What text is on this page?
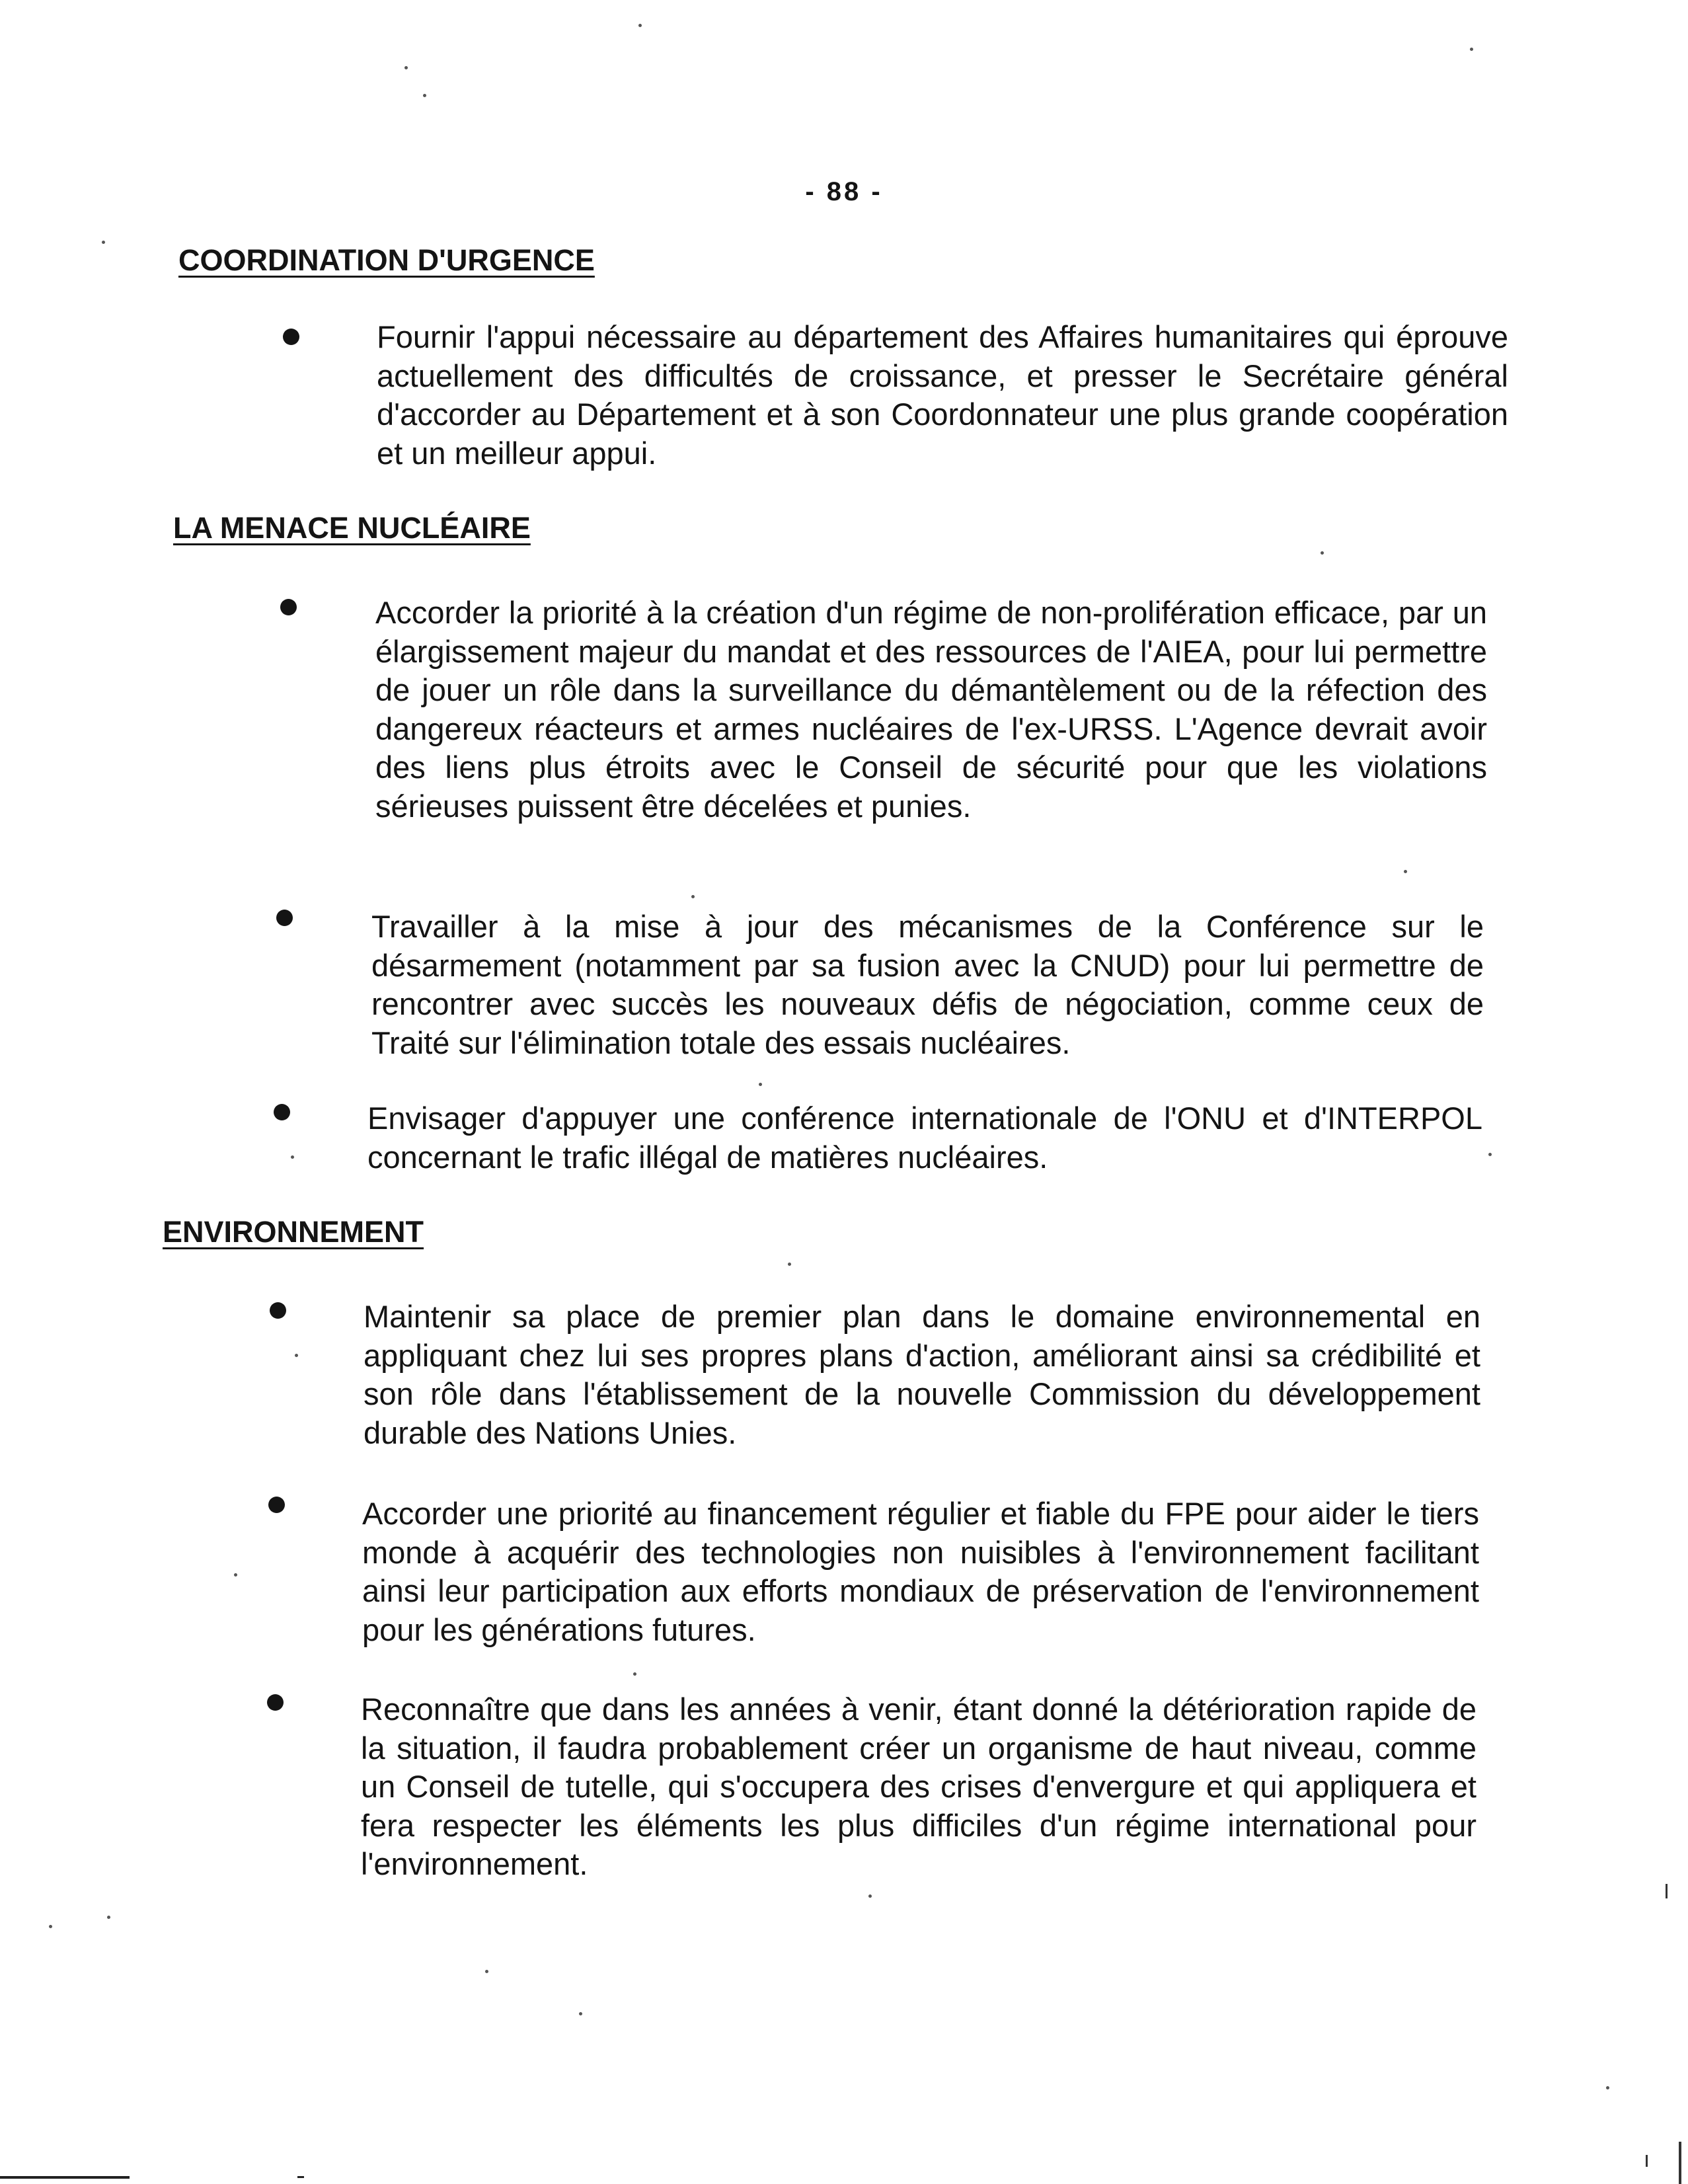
- 88 -
COORDINATION D'URGENCE

Fournir l'appui nécessaire au département des Affaires humanitaires qui éprouve actuellement des difficultés de croissance, et presser le Secrétaire général d'accorder au Département et à son Coordonnateur une plus grande coopération et un meilleur appui.

LA MENACE NUCLÉAIRE

Accorder la priorité à la création d'un régime de non-prolifération efficace, par un élargissement majeur du mandat et des ressources de l'AIEA, pour lui permettre de jouer un rôle dans la surveillance du démantèlement ou de la réfection des dangereux réacteurs et armes nucléaires de l'ex-URSS. L'Agence devrait avoir des liens plus étroits avec le Conseil de sécurité pour que les violations sérieuses puissent être décelées et punies.

Travailler à la mise à jour des mécanismes de la Conférence sur le désarmement (notamment par sa fusion avec la CNUD) pour lui permettre de rencontrer avec succès les nouveaux défis de négociation, comme ceux de Traité sur l'élimination totale des essais nucléaires.

Envisager d'appuyer une conférence internationale de l'ONU et d'INTERPOL concernant le trafic illégal de matières nucléaires.

ENVIRONNEMENT

Maintenir sa place de premier plan dans le domaine environnemental en appliquant chez lui ses propres plans d'action, améliorant ainsi sa crédibilité et son rôle dans l'établissement de la nouvelle Commission du développement durable des Nations Unies.

Accorder une priorité au financement régulier et fiable du FPE pour aider le tiers monde à acquérir des technologies non nuisibles à l'environnement facilitant ainsi leur participation aux efforts mondiaux de préservation de l'environnement pour les générations futures.

Reconnaître que dans les années à venir, étant donné la détérioration rapide de la situation, il faudra probablement créer un organisme de haut niveau, comme un Conseil de tutelle, qui s'occupera des crises d'envergure et qui appliquera et fera respecter les éléments les plus difficiles d'un régime international pour l'environnement.
